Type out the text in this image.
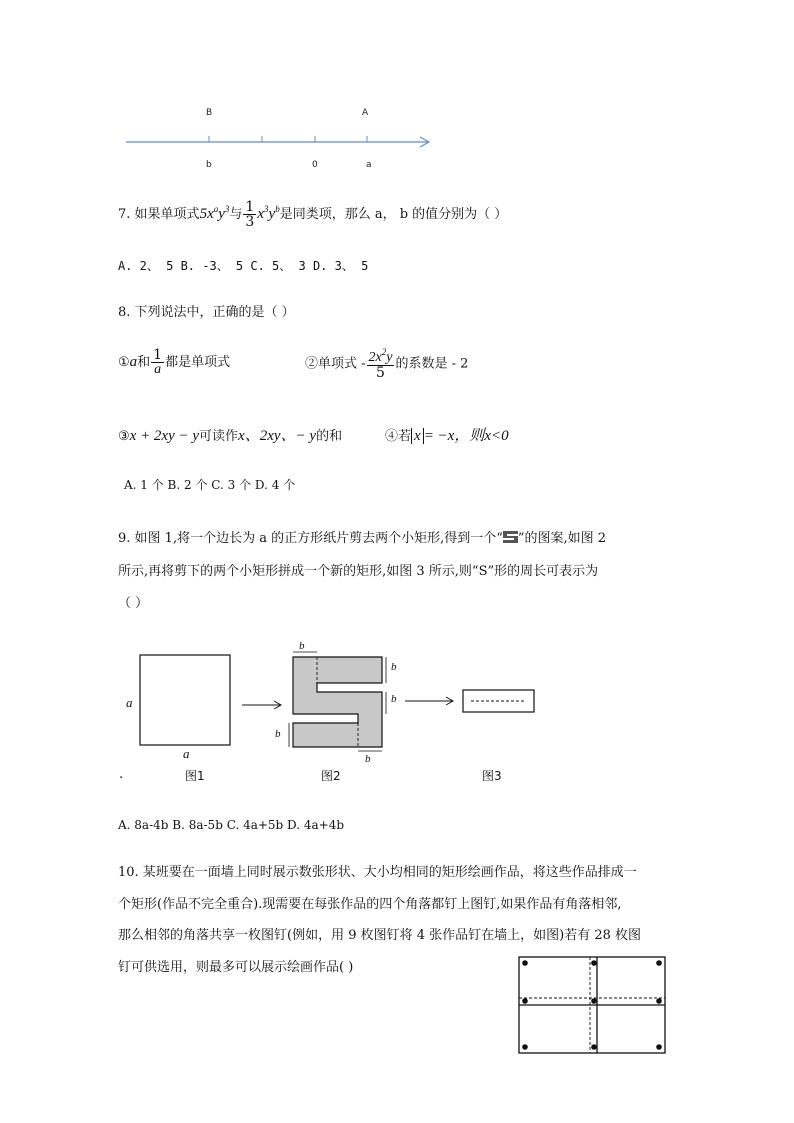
B	A
b	0	a
7. 如果单项式$5x^ay^3$与 $\frac{1}{3} x^3y^b$是同类项，那么 a， b 的值分别为（ ）
A. 2、 5 B. -3、 5 C. 5、 3 D. 3、 5
8. 下列说法中，正确的是（ ）
①a和 $\frac{1}{a}$ 都是单项式	②单项式 - $\frac{2x^2y}{5}$ 的系数是 - 2
③x + 2xy − y可读作x、2xy、− y的和	④若 x = −x，则x<0
A. 1 个 B. 2 个 C. 3 个 D. 4 个
9. 如图 1,将一个边长为 a 的正方形纸片剪去两个小矩形,得到一个“ ”的图案,如图 2
所示,再将剪下的两个小矩形拼成一个新的矩形,如图 3 所示,则“S”形的周长可表示为
（ ）
a
a
b
b
b
b
b
.	图1	图2	图3
A. 8a-4b B. 8a-5b C. 4a+5b D. 4a+4b
10. 某班要在一面墙上同时展示数张形状、大小均相同的矩形绘画作品，将这些作品排成一
个矩形(作品不完全重合).现需要在每张作品的四个角落都钉上图钉,如果作品有角落相邻,
那么相邻的角落共享一枚图钉(例如，用 9 枚图钉将 4 张作品钉在墙上，如图)若有 28 枚图
钉可供选用，则最多可以展示绘画作品( )
